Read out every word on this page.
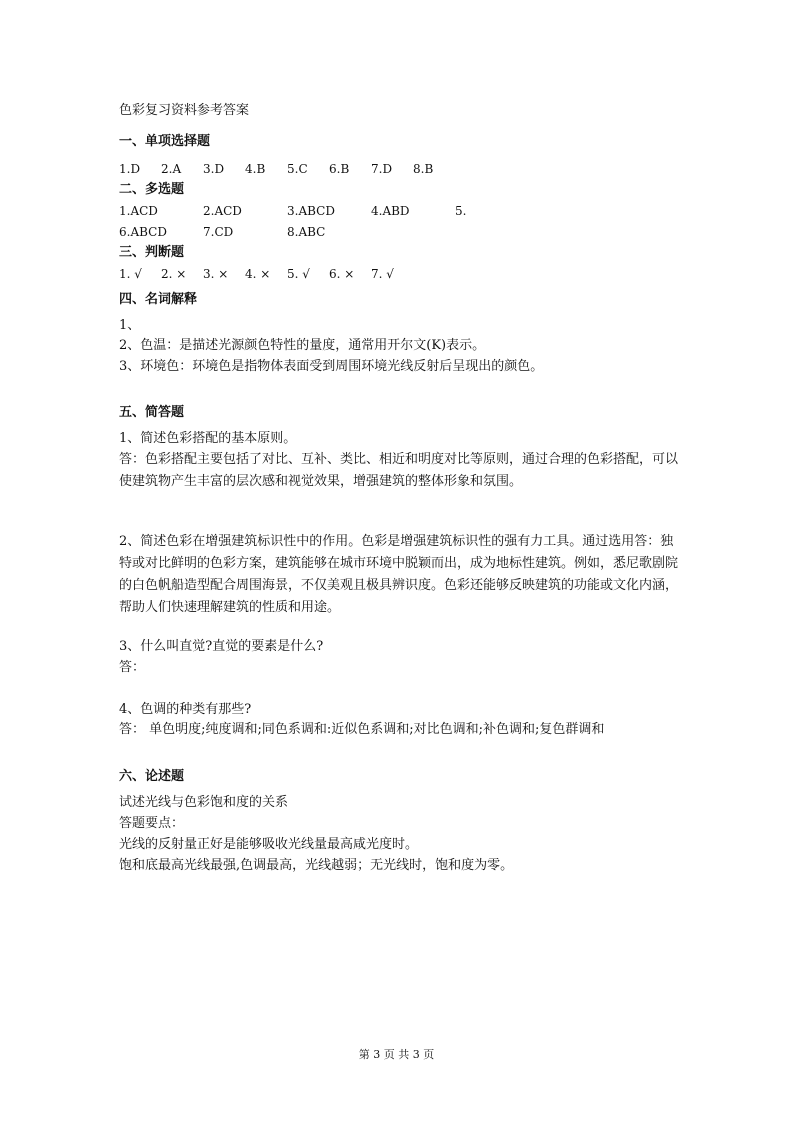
色彩复习资料参考答案
一、单项选择题
1.D 2.A 3.D 4.B 5.C 6.B 7.D 8.B
二、多选题
1.ACD	2.ACD	3.ABCD	4.ABD	5.
6.ABCD	7.CD	8.ABC
三、判断题
1. √ 2. × 3. × 4. × 5. √ 6. × 7. √
四、名词解释
1、
2、色温：是描述光源颜色特性的量度，通常用开尔文(K)表示。
3、环境色：环境色是指物体表面受到周围环境光线反射后呈现出的颜色。
五、简答题
1、简述色彩搭配的基本原则。
答：色彩搭配主要包括了对比、互补、类比、相近和明度对比等原则，通过合理的色彩搭配，可以使建筑物产生丰富的层次感和视觉效果，增强建筑的整体形象和氛围。
2、简述色彩在增强建筑标识性中的作用。色彩是增强建筑标识性的强有力工具。通过选用答：独特或对比鲜明的色彩方案，建筑能够在城市环境中脱颖而出，成为地标性建筑。例如，悉尼歌剧院的白色帆船造型配合周围海景，不仅美观且极具辨识度。色彩还能够反映建筑的功能或文化内涵，帮助人们快速理解建筑的性质和用途。
3、什么叫直觉?直觉的要素是什么?
答：
4、色调的种类有那些?
答： 单色明度;纯度调和;同色系调和:近似色系调和;对比色调和;补色调和;复色群调和
六、论述题
试述光线与色彩饱和度的关系
答题要点：
光线的反射量正好是能够吸收光线量最高咸光度时。
饱和底最高光线最强,色调最高，光线越弱；无光线时，饱和度为零。
第 3 页 共 3 页
